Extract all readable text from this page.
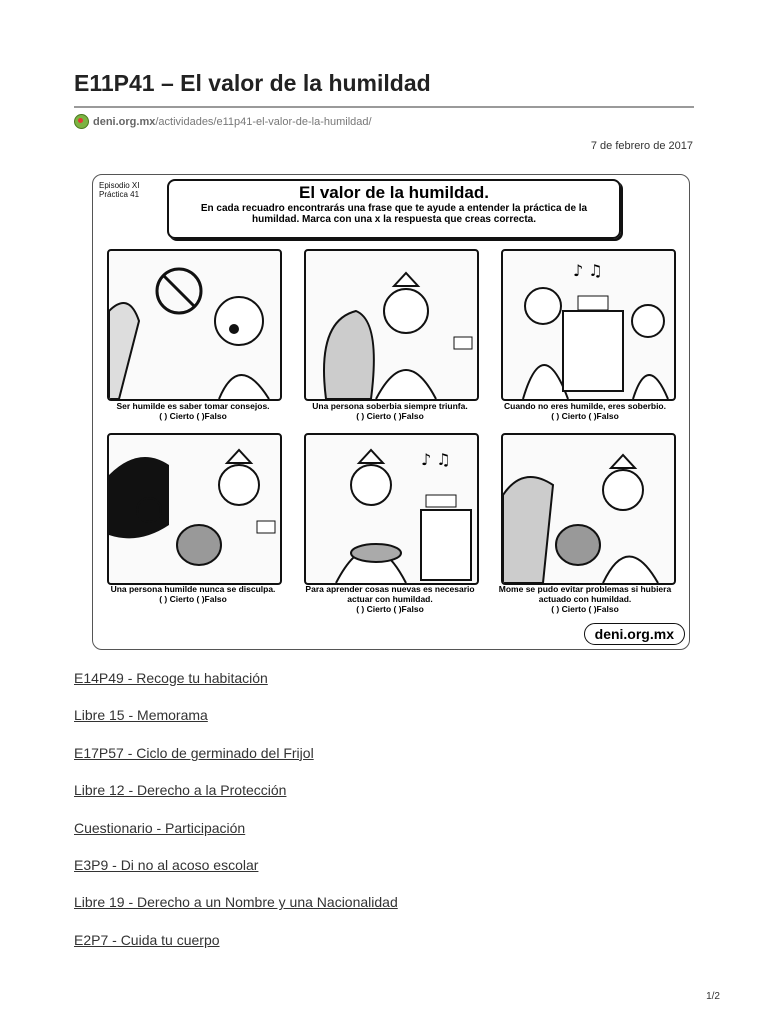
E11P41 – El valor de la humildad
deni.org.mx /actividades/e11p41-el-valor-de-la-humildad/
7 de febrero de 2017
Episodio XI
Práctica 41	El valor de la humildad.
En cada recuadro encontrarás una frase que te ayude a entender la práctica de la humildad. Marca con una x la respuesta que creas correcta.
♪ ♫
Ser humilde es saber tomar consejos.
( ) Cierto ( )Falso
Una persona soberbia siempre triunfa.
( ) Cierto ( )Falso
Cuando no eres humilde, eres soberbio.
( ) Cierto ( )Falso
♪ ♫
Una persona humilde nunca se disculpa.
( ) Cierto ( )Falso
Para aprender cosas nuevas es necesario actuar con humildad.
( ) Cierto ( )Falso
Mome se pudo evitar problemas si hubiera actuado con humildad.
( ) Cierto ( )Falso
deni.org.mx
E14P49 - Recoge tu habitación
Libre 15 - Memorama
E17P57 - Ciclo de germinado del Frijol
Libre 12 - Derecho a la Protección
Cuestionario - Participación
E3P9 - Di no al acoso escolar
Libre 19 - Derecho a un Nombre y una Nacionalidad
E2P7 - Cuida tu cuerpo
1/2
